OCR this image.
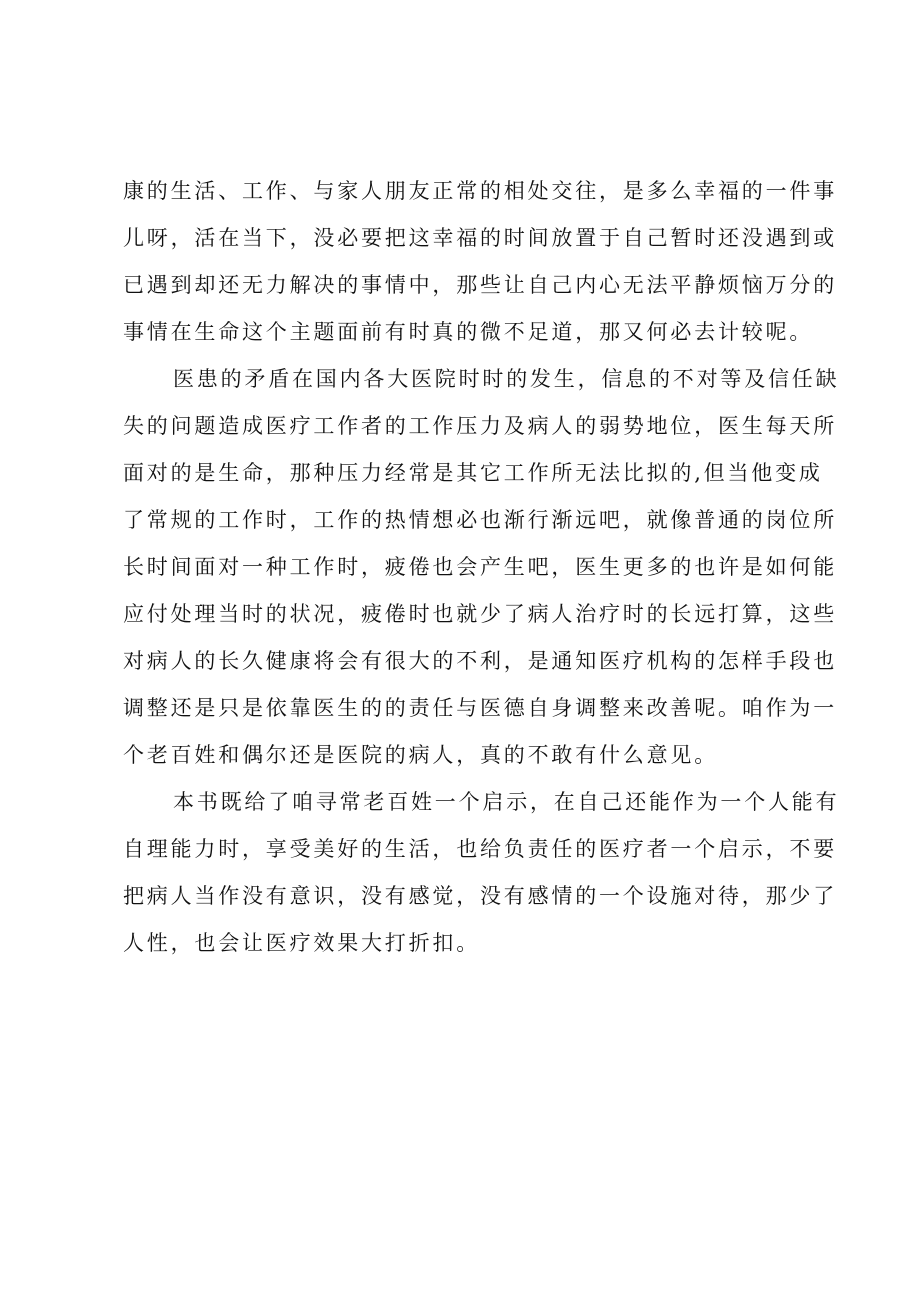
康的生活、工作、与家人朋友正常的相处交往，是多么幸福的一件事
儿呀，活在当下，没必要把这幸福的时间放置于自己暂时还没遇到或
已遇到却还无力解决的事情中，那些让自己内心无法平静烦恼万分的
事情在生命这个主题面前有时真的微不足道，那又何必去计较呢。
医患的矛盾在国内各大医院时时的发生，信息的不对等及信任缺
失的问题造成医疗工作者的工作压力及病人的弱势地位，医生每天所
面对的是生命，那种压力经常是其它工作所无法比拟的,但当他变成
了常规的工作时，工作的热情想必也渐行渐远吧，就像普通的岗位所
长时间面对一种工作时，疲倦也会产生吧，医生更多的也许是如何能
应付处理当时的状况，疲倦时也就少了病人治疗时的长远打算，这些
对病人的长久健康将会有很大的不利，是通知医疗机构的怎样手段也
调整还是只是依靠医生的的责任与医德自身调整来改善呢。咱作为一
个老百姓和偶尔还是医院的病人，真的不敢有什么意见。
本书既给了咱寻常老百姓一个启示，在自己还能作为一个人能有
自理能力时，享受美好的生活，也给负责任的医疗者一个启示，不要
把病人当作没有意识，没有感觉，没有感情的一个设施对待，那少了
人性，也会让医疗效果大打折扣。
